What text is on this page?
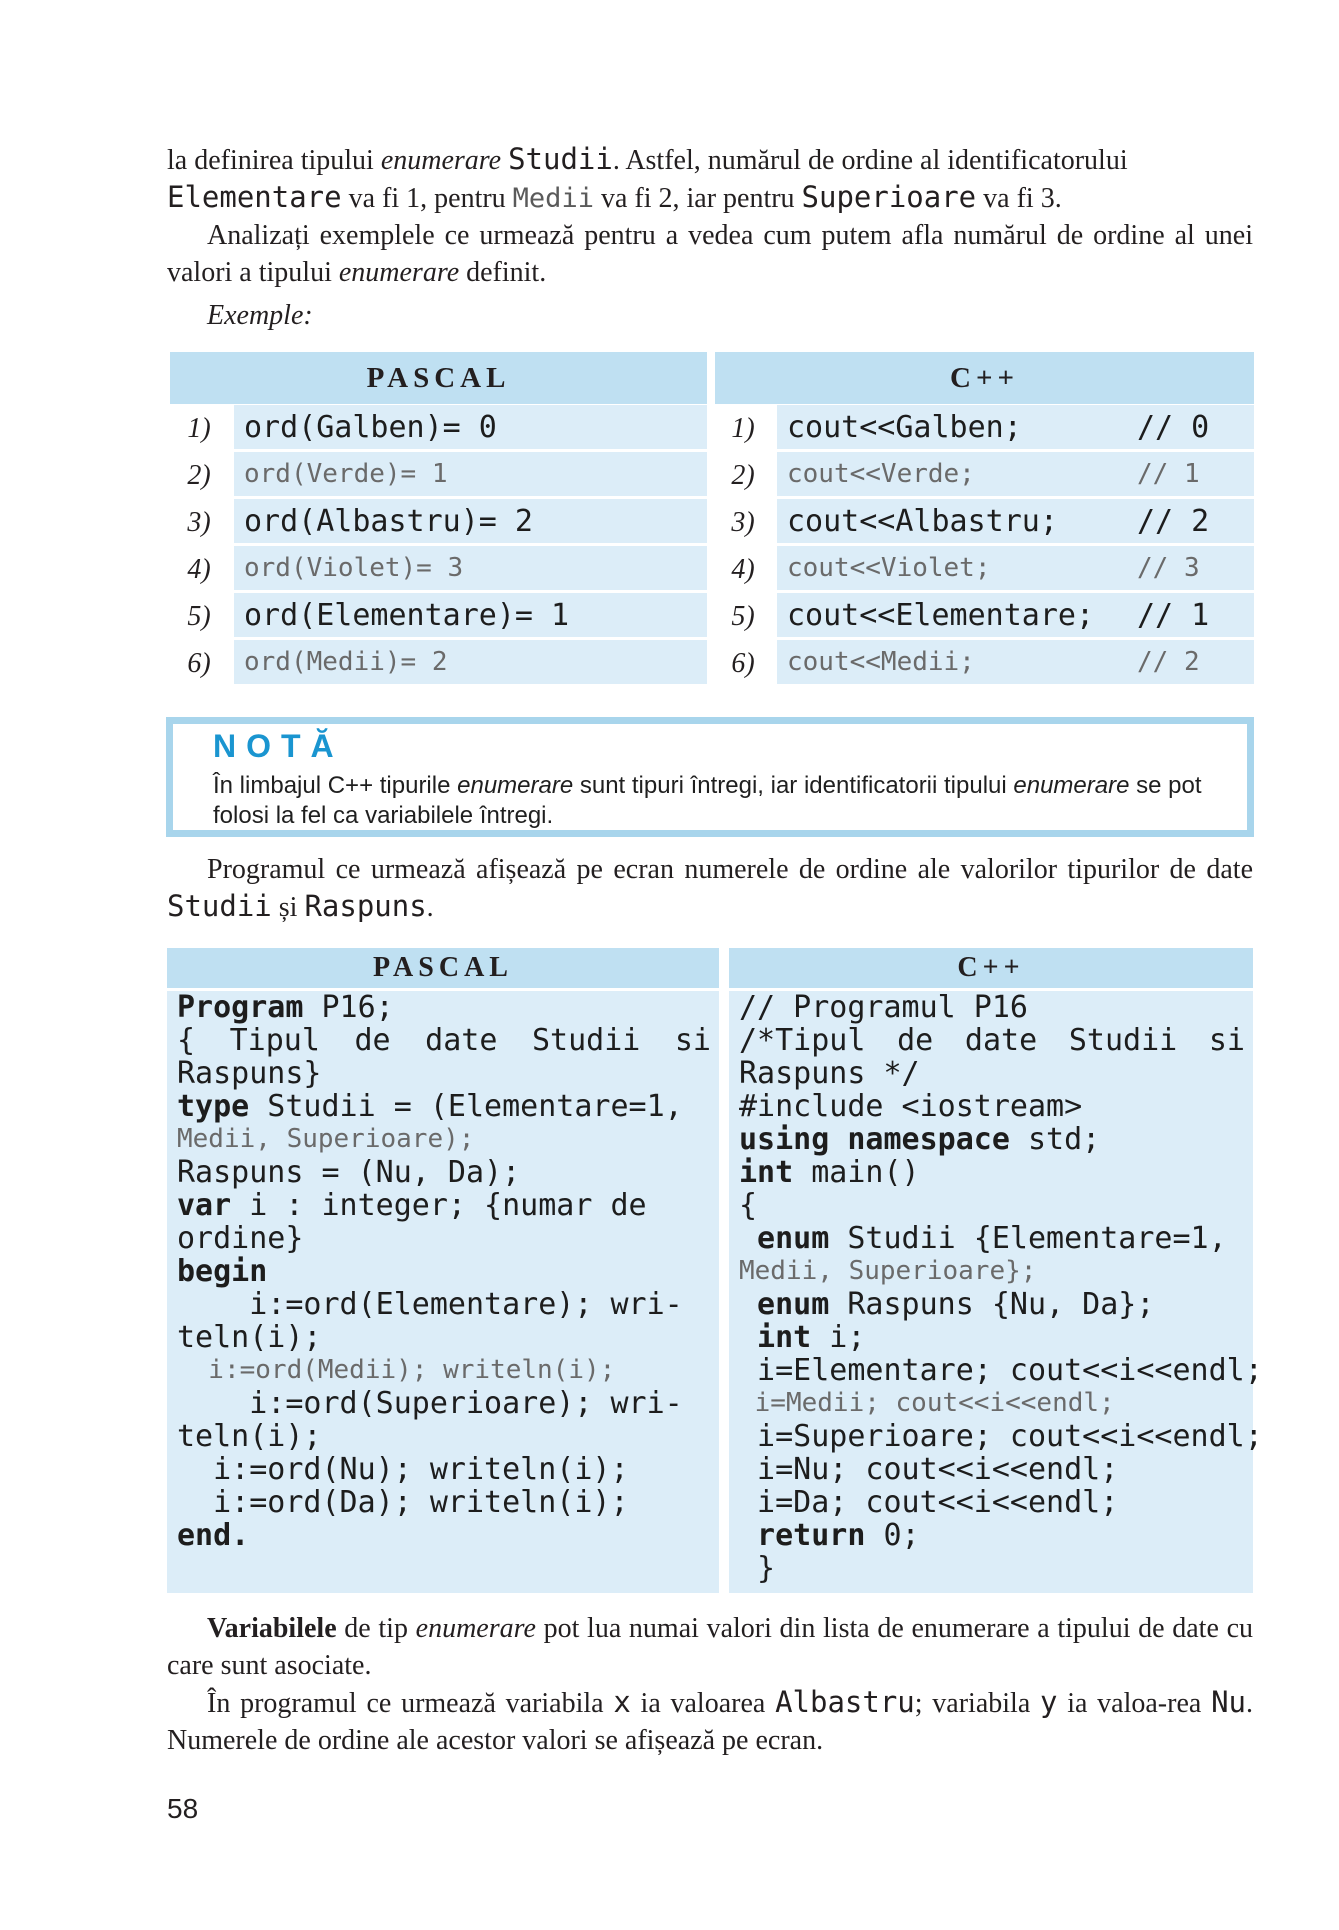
la definirea tipului enumerare Studii. Astfel, numărul de ordine al identificatorului

Elementare va fi 1, pentru Medii va fi 2, iar pentru Superioare va fi 3.

Analizați exemplele ce urmează pentru a vedea cum putem afla numărul de ordine al unei valori a tipului enumerare definit.

Exemple:

PASCAL	C++
1)	ord(Galben)= 0	1)	cout<<Galben;	// 0
2)	ord(Verde)= 1	2)	cout<<Verde;	// 1
3)	ord(Albastru)= 2	3)	cout<<Albastru;	// 2
4)	ord(Violet)= 3	4)	cout<<Violet;	// 3
5)	ord(Elementare)= 1	5)	cout<<Elementare; // 1
6)	ord(Medii)= 2	6)	cout<<Medii;	// 2
NOTĂ
În limbajul C++ tipurile enumerare sunt tipuri întregi, iar identificatorii tipului enumerare se pot folosi la fel ca variabilele întregi.

Programul ce urmează afișează pe ecran numerele de ordine ale valorilor tipurilor de date Studii și Raspuns.

PASCAL	C++
Program P16;
{ Tipul de date Studii si
Raspuns}
type Studii = (Elementare=1,
Medii, Superioare);
Raspuns = (Nu, Da);
var i : integer; {numar de
ordine}
begin
i:=ord(Elementare); wri-
teln(i);
i:=ord(Medii); writeln(i);
i:=ord(Superioare); wri-
teln(i);
i:=ord(Nu); writeln(i);
i:=ord(Da); writeln(i);
end.
// Programul P16
/*Tipul de date Studii si
Raspuns */
#include <iostream>
using namespace std;
int main()
{
enum Studii {Elementare=1,
Medii, Superioare};
enum Raspuns {Nu, Da};
int i;
i=Elementare; cout<<i<<endl;
i=Medii; cout<<i<<endl;
i=Superioare; cout<<i<<endl;
i=Nu; cout<<i<<endl;
i=Da; cout<<i<<endl;
return 0;
}

Variabilele de tip enumerare pot lua numai valori din lista de enumerare a tipului de date cu care sunt asociate.

În programul ce urmează variabila x ia valoarea Albastru; variabila y ia valoa-rea Nu. Numerele de ordine ale acestor valori se afișează pe ecran.

58
